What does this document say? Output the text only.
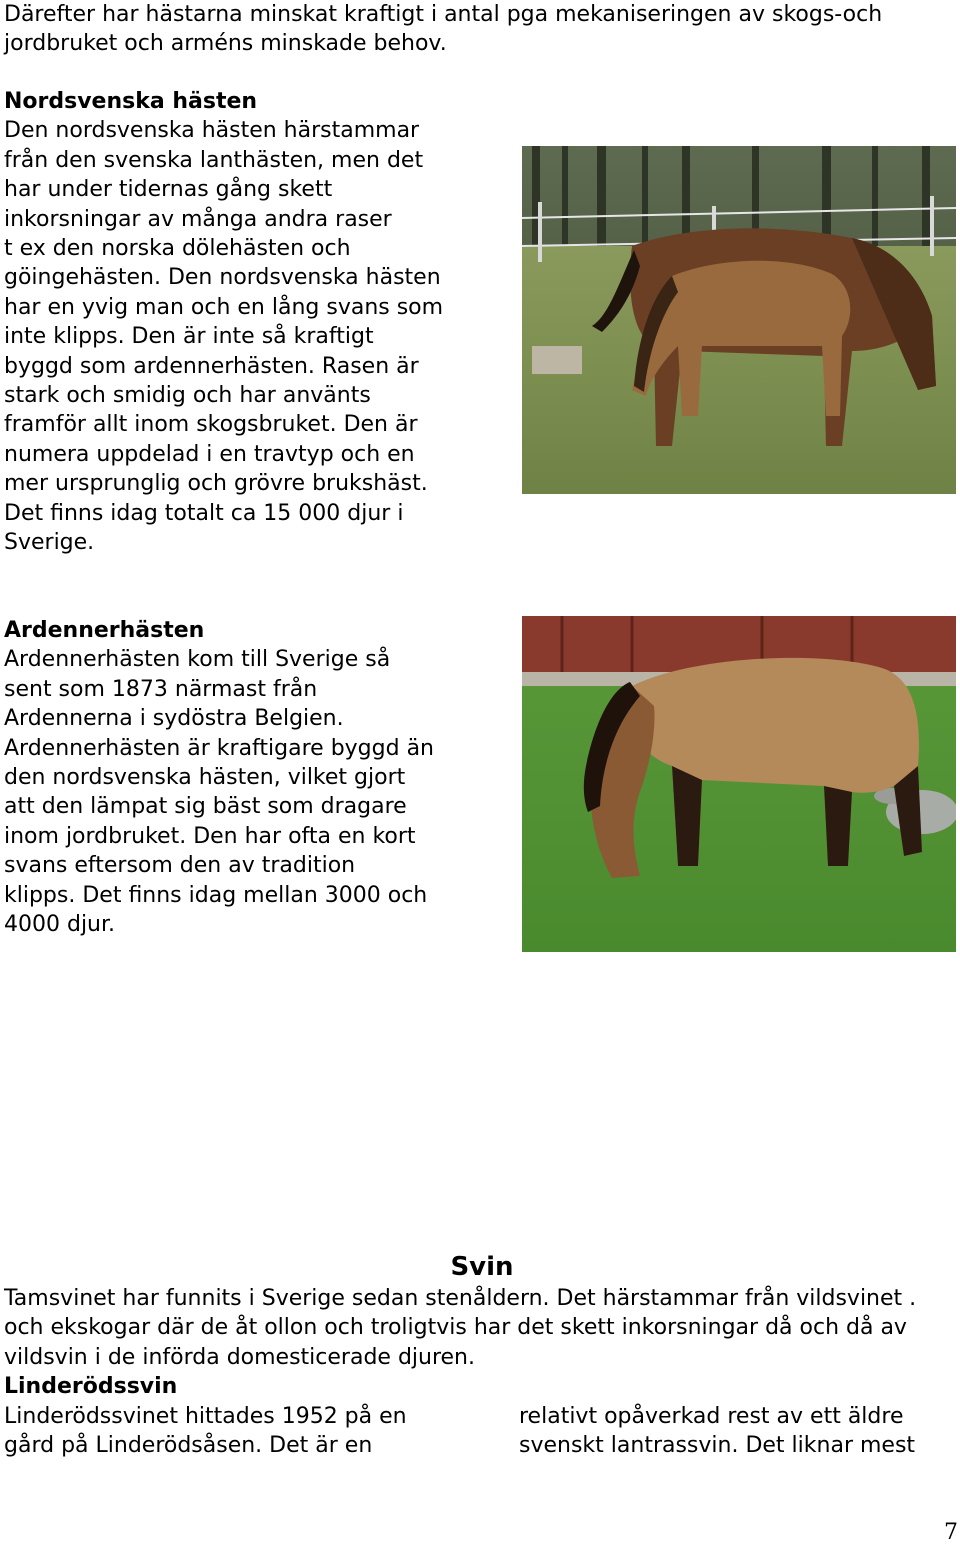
Därefter har hästarna minskat kraftigt i antal pga mekaniseringen av skogs-och
jordbruket och arméns minskade behov.

Nordsvenska hästen
Den nordsvenska hästen härstammar
från den svenska lanthästen, men det
har under tidernas gång skett
inkorsningar av många andra raser
t ex den norska dölehästen och
göingehästen. Den nordsvenska hästen
har en yvig man och en lång svans som
inte klipps. Den är inte så kraftigt
byggd som ardennerhästen. Rasen är
stark och smidig och har använts
framför allt inom skogsbruket. Den är
numera uppdelad i en travtyp och en
mer ursprunglig och grövre brukshäst.
Det finns idag totalt ca 15 000 djur i
Sverige.

Ardennerhästen
Ardennerhästen kom till Sverige så
sent som 1873 närmast från
Ardennerna i sydöstra Belgien.
Ardennerhästen är kraftigare byggd än
den nordsvenska hästen, vilket gjort
att den lämpat sig bäst som dragare
inom jordbruket. Den har ofta en kort
svans eftersom den av tradition
klipps. Det finns idag mellan 3000 och
4000 djur.

Svin

Tamsvinet har funnits i Sverige sedan stenåldern. Det härstammar från vildsvinet .
och ekskogar där de åt ollon och troligtvis har det skett inkorsningar då och då av
vildsvin i de införda domesticerade djuren.
Linderödssvin

Linderödssvinet hittades 1952 på en
gård på Linderödsåsen. Det är en

relativt opåverkad rest av ett äldre
svenskt lantrassvin. Det liknar mest

7
